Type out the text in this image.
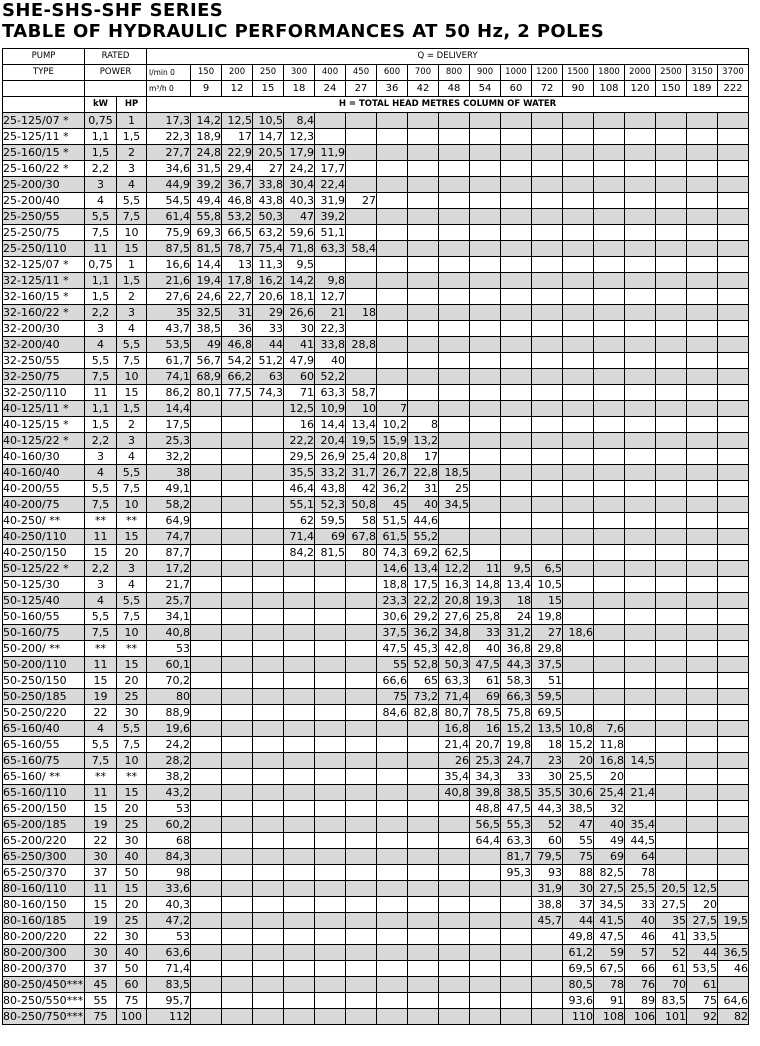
SHE-SHS-SHF SERIES
TABLE OF HYDRAULIC PERFORMANCES AT 50 Hz, 2 POLES
PUMP	RATED		Q = DELIVERY																		
TYPE	POWER		l/min 0	150	200	250	300	400	450	600	700	800	900	1000	1200	1500	1800	2000	2500	3150	3700
			m³/h 0	9	12	15	18	24	27	36	42	48	54	60	72	90	108	120	150	189	222
	kW	HP	H = TOTAL HEAD METRES COLUMN OF WATER																		
25-125/07 *	0,75	1	17,3	14,2	12,5	10,5	8,4														
25-125/11 *	1,1	1,5	22,3	18,9	17	14,7	12,3														
25-160/15 *	1,5	2	27,7	24,8	22,9	20,5	17,9	11,9													
25-160/22 *	2,2	3	34,6	31,5	29,4	27	24,2	17,7													
25-200/30	3	4	44,9	39,2	36,7	33,8	30,4	22,4													
25-200/40	4	5,5	54,5	49,4	46,8	43,8	40,3	31,9	27												
25-250/55	5,5	7,5	61,4	55,8	53,2	50,3	47	39,2													
25-250/75	7,5	10	75,9	69,3	66,5	63,2	59,6	51,1													
25-250/110	11	15	87,5	81,5	78,7	75,4	71,8	63,3	58,4												
32-125/07 *	0,75	1	16,6	14,4	13	11,3	9,5														
32-125/11 *	1,1	1,5	21,6	19,4	17,8	16,2	14,2	9,8													
32-160/15 *	1,5	2	27,6	24,6	22,7	20,6	18,1	12,7													
32-160/22 *	2,2	3	35	32,5	31	29	26,6	21	18												
32-200/30	3	4	43,7	38,5	36	33	30	22,3													
32-200/40	4	5,5	53,5	49	46,8	44	41	33,8	28,8												
32-250/55	5,5	7,5	61,7	56,7	54,2	51,2	47,9	40													
32-250/75	7,5	10	74,1	68,9	66,2	63	60	52,2													
32-250/110	11	15	86,2	80,1	77,5	74,3	71	63,3	58,7												
40-125/11 *	1,1	1,5	14,4				12,5	10,9	10	7											
40-125/15 *	1,5	2	17,5				16	14,4	13,4	10,2	8										
40-125/22 *	2,2	3	25,3				22,2	20,4	19,5	15,9	13,2										
40-160/30	3	4	32,2				29,5	26,9	25,4	20,8	17										
40-160/40	4	5,5	38				35,5	33,2	31,7	26,7	22,8	18,5									
40-200/55	5,5	7,5	49,1				46,4	43,8	42	36,2	31	25									
40-200/75	7,5	10	58,2				55,1	52,3	50,8	45	40	34,5									
40-250/ **	**	**	64,9				62	59,5	58	51,5	44,6										
40-250/110	11	15	74,7				71,4	69	67,8	61,5	55,2										
40-250/150	15	20	87,7				84,2	81,5	80	74,3	69,2	62,5									
50-125/22 *	2,2	3	17,2							14,6	13,4	12,2	11	9,5	6,5						
50-125/30	3	4	21,7							18,8	17,5	16,3	14,8	13,4	10,5						
50-125/40	4	5,5	25,7							23,3	22,2	20,8	19,3	18	15						
50-160/55	5,5	7,5	34,1							30,6	29,2	27,6	25,8	24	19,8						
50-160/75	7,5	10	40,8							37,5	36,2	34,8	33	31,2	27	18,6					
50-200/ **	**	**	53							47,5	45,3	42,8	40	36,8	29,8						
50-200/110	11	15	60,1							55	52,8	50,3	47,5	44,3	37,5						
50-250/150	15	20	70,2							66,6	65	63,3	61	58,3	51						
50-250/185	19	25	80							75	73,2	71,4	69	66,3	59,5						
50-250/220	22	30	88,9							84,6	82,8	80,7	78,5	75,8	69,5						
65-160/40	4	5,5	19,6									16,8	16	15,2	13,5	10,8	7,6				
65-160/55	5,5	7,5	24,2									21,4	20,7	19,8	18	15,2	11,8				
65-160/75	7,5	10	28,2									26	25,3	24,7	23	20	16,8	14,5			
65-160/ **	**	**	38,2									35,4	34,3	33	30	25,5	20				
65-160/110	11	15	43,2									40,8	39,8	38,5	35,5	30,6	25,4	21,4			
65-200/150	15	20	53										48,8	47,5	44,3	38,5	32				
65-200/185	19	25	60,2										56,5	55,3	52	47	40	35,4			
65-200/220	22	30	68										64,4	63,3	60	55	49	44,5			
65-250/300	30	40	84,3											81,7	79,5	75	69	64			
65-250/370	37	50	98											95,3	93	88	82,5	78			
80-160/110	11	15	33,6												31,9	30	27,5	25,5	20,5	12,5	
80-160/150	15	20	40,3												38,8	37	34,5	33	27,5	20	
80-160/185	19	25	47,2												45,7	44	41,5	40	35	27,5	19,5
80-200/220	22	30	53													49,8	47,5	46	41	33,5	
80-200/300	30	40	63,6													61,2	59	57	52	44	36,5
80-200/370	37	50	71,4													69,5	67,5	66	61	53,5	46
80-250/450***	45	60	83,5													80,5	78	76	70	61	
80-250/550***	55	75	95,7													93,6	91	89	83,5	75	64,6
80-250/750***	75	100	112													110	108	106	101	92	82
